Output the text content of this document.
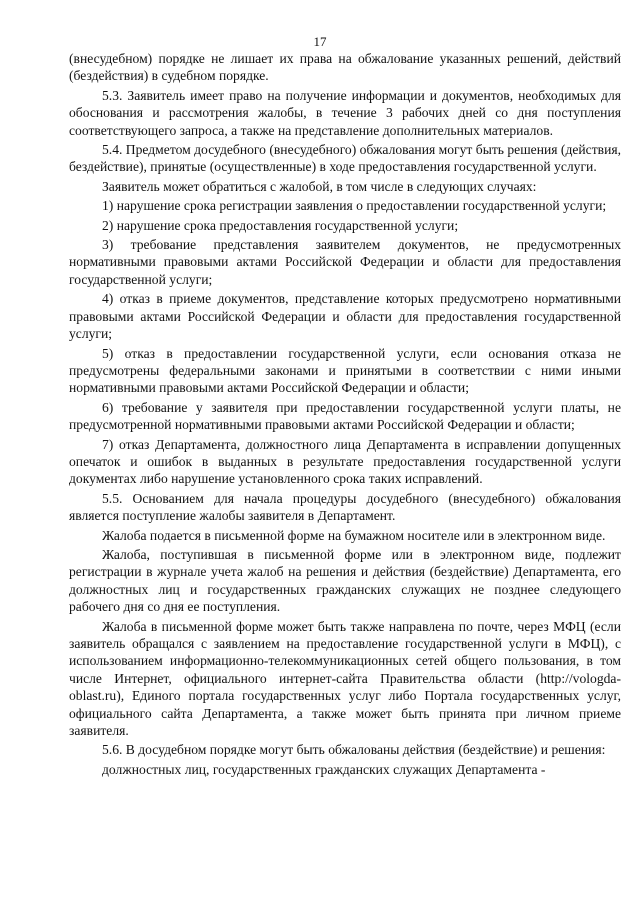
17

(внесудебном) порядке не лишает их права на обжалование указанных решений, действий (бездействия) в судебном порядке.

5.3. Заявитель имеет право на получение информации и документов, необходимых для обоснования и рассмотрения жалобы, в течение 3 рабочих дней со дня поступления соответствующего запроса, а также на представление дополнительных материалов.

5.4. Предметом досудебного (внесудебного) обжалования могут быть решения (действия, бездействие), принятые (осуществленные) в ходе предоставления государственной услуги.

Заявитель может обратиться с жалобой, в том числе в следующих случаях:

1) нарушение срока регистрации заявления о предоставлении государственной услуги;

2) нарушение срока предоставления государственной услуги;

3) требование представления заявителем документов, не предусмотренных нормативными правовыми актами Российской Федерации и области для предоставления государственной услуги;

4) отказ в приеме документов, представление которых предусмотрено нормативными правовыми актами Российской Федерации и области для предоставления государственной услуги;

5) отказ в предоставлении государственной услуги, если основания отказа не предусмотрены федеральными законами и принятыми в соответствии с ними иными нормативными правовыми актами Российской Федерации и области;

6) требование у заявителя при предоставлении государственной услуги платы, не предусмотренной нормативными правовыми актами Российской Федерации и области;

7) отказ Департамента, должностного лица Департамента в исправлении допущенных опечаток и ошибок в выданных в результате предоставления государственной услуги документах либо нарушение установленного срока таких исправлений.

5.5. Основанием для начала процедуры досудебного (внесудебного) обжалования является поступление жалобы заявителя в Департамент.

Жалоба подается в письменной форме на бумажном носителе или в электронном виде.

Жалоба, поступившая в письменной форме или в электронном виде, подлежит регистрации в журнале учета жалоб на решения и действия (бездействие) Департамента, его должностных лиц и государственных гражданских служащих не позднее следующего рабочего дня со дня ее поступления.

Жалоба в письменной форме может быть также направлена по почте, через МФЦ (если заявитель обращался с заявлением на предоставление государственной услуги в МФЦ), с использованием информационно-телекоммуникационных сетей общего пользования, в том числе Интернет, официального интернет-сайта Правительства области (http://vologda-oblast.ru), Единого портала государственных услуг либо Портала государственных услуг, официального сайта Департамента, а также может быть принята при личном приеме заявителя.

5.6. В досудебном порядке могут быть обжалованы действия (бездействие) и решения:

должностных лиц, государственных гражданских служащих Департамента -
